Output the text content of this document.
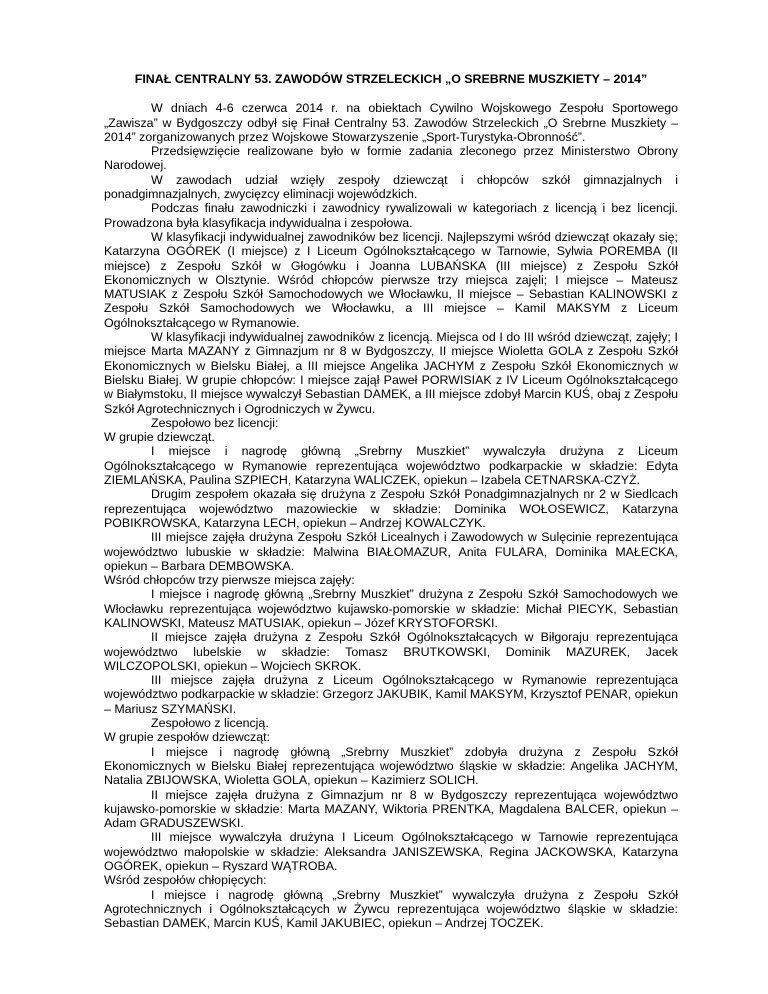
FINAŁ CENTRALNY 53. ZAWODÓW STRZELECKICH „O SREBRNE MUSZKIETY – 2014”

W dniach 4-6 czerwca 2014 r. na obiektach Cywilno Wojskowego Zespołu Sportowego „Zawisza” w Bydgoszczy odbył się Finał Centralny 53. Zawodów Strzeleckich „O Srebrne Muszkiety – 2014” zorganizowanych przez Wojskowe Stowarzyszenie „Sport-Turystyka-Obronność”.

Przedsięwzięcie realizowane było w formie zadania zleconego przez Ministerstwo Obrony Narodowej.

W zawodach udział wzięły zespoły dziewcząt i chłopców szkół gimnazjalnych i ponadgimnazjalnych, zwycięzcy eliminacji wojewódzkich.

Podczas finału zawodniczki i zawodnicy rywalizowali w kategoriach z licencją i bez licencji. Prowadzona była klasyfikacja indywidualna i zespołowa.

W klasyfikacji indywidualnej zawodników bez licencji. Najlepszymi wśród dziewcząt okazały się; Katarzyna OGÓREK (I miejsce) z I Liceum Ogólnokształcącego w Tarnowie, Sylwia POREMBA (II miejsce) z Zespołu Szkół w Głogówku i Joanna LUBAŃSKA (III miejsce) z Zespołu Szkół Ekonomicznych w Olsztynie. Wśród chłopców pierwsze trzy miejsca zajęli; I miejsce – Mateusz MATUSIAK z Zespołu Szkół Samochodowych we Włocławku, II miejsce – Sebastian KALINOWSKI z Zespołu Szkół Samochodowych we Włocławku, a III miejsce – Kamil MAKSYM z Liceum Ogólnokształcącego w Rymanowie.

W klasyfikacji indywidualnej zawodników z licencją. Miejsca od I do III wśród dziewcząt, zajęły; I miejsce Marta MAZANY z Gimnazjum nr 8 w Bydgoszczy, II miejsce Wioletta GOLA z Zespołu Szkół Ekonomicznych w Bielsku Białej, a III miejsce Angelika JACHYM z Zespołu Szkół Ekonomicznych w Bielsku Białej. W grupie chłopców: I miejsce zajął Paweł PORWISIAK z IV Liceum Ogólnokształcącego w Białymstoku, II miejsce wywalczył Sebastian DAMEK, a III miejsce zdobył Marcin KUŚ, obaj z Zespołu Szkół Agrotechnicznych i Ogrodniczych w Żywcu.

Zespołowo bez licencji:

W grupie dziewcząt.

I miejsce i nagrodę główną „Srebrny Muszkiet” wywalczyła drużyna z Liceum Ogólnokształcącego w Rymanowie reprezentująca województwo podkarpackie w składzie: Edyta ZIEMLAŃSKA, Paulina SZPIECH, Katarzyna WALICZEK, opiekun – Izabela CETNARSKA-CZYŻ.

Drugim zespołem okazała się drużyna z Zespołu Szkół Ponadgimnazjalnych nr 2 w Siedlcach reprezentująca województwo mazowieckie w składzie: Dominika WOŁOSEWICZ, Katarzyna POBIKROWSKA, Katarzyna LECH, opiekun – Andrzej KOWALCZYK.

III miejsce zajęła drużyna Zespołu Szkół Licealnych i Zawodowych w Sulęcinie reprezentująca województwo lubuskie w składzie: Malwina BIAŁOMAZUR, Anita FULARA, Dominika MAŁECKA, opiekun – Barbara DEMBOWSKA.

Wśród chłopców trzy pierwsze miejsca zajęły:

I miejsce i nagrodę główną „Srebrny Muszkiet” drużyna z Zespołu Szkół Samochodowych we Włocławku reprezentująca województwo kujawsko-pomorskie w składzie: Michał PIECYK, Sebastian KALINOWSKI, Mateusz MATUSIAK, opiekun – Józef KRYSTOFORSKI.

II miejsce zajęła drużyna z Zespołu Szkół Ogólnokształcących w Biłgoraju reprezentująca województwo lubelskie w składzie: Tomasz BRUTKOWSKI, Dominik MAZUREK, Jacek WILCZOPOLSKI, opiekun – Wojciech SKROK.

III miejsce zajęła drużyna z Liceum Ogólnokształcącego w Rymanowie reprezentująca województwo podkarpackie w składzie: Grzegorz JAKUBIK, Kamil MAKSYM, Krzysztof PENAR, opiekun – Mariusz SZYMAŃSKI.

Zespołowo z licencją.

W grupie zespołów dziewcząt:

I miejsce i nagrodę główną „Srebrny Muszkiet” zdobyła drużyna z Zespołu Szkół Ekonomicznych w Bielsku Białej reprezentująca województwo śląskie w składzie: Angelika JACHYM, Natalia ZBIJOWSKA, Wioletta GOLA, opiekun – Kazimierz SOLICH.

II miejsce zajęła drużyna z Gimnazjum nr 8 w Bydgoszczy reprezentująca województwo kujawsko-pomorskie w składzie: Marta MAZANY, Wiktoria PRENTKA, Magdalena BALCER, opiekun – Adam GRADUSZEWSKI.

III miejsce wywalczyła drużyna I Liceum Ogólnokształcącego w Tarnowie reprezentująca województwo małopolskie w składzie: Aleksandra JANISZEWSKA, Regina JACKOWSKA, Katarzyna OGÓREK, opiekun – Ryszard WĄTROBA.

Wśród zespołów chłopięcych:

I miejsce i nagrodę główną „Srebrny Muszkiet” wywalczyła drużyna z Zespołu Szkół Agrotechnicznych i Ogólnokształcących w Żywcu reprezentująca województwo śląskie w składzie: Sebastian DAMEK, Marcin KUŚ, Kamil JAKUBIEC, opiekun – Andrzej TOCZEK.
